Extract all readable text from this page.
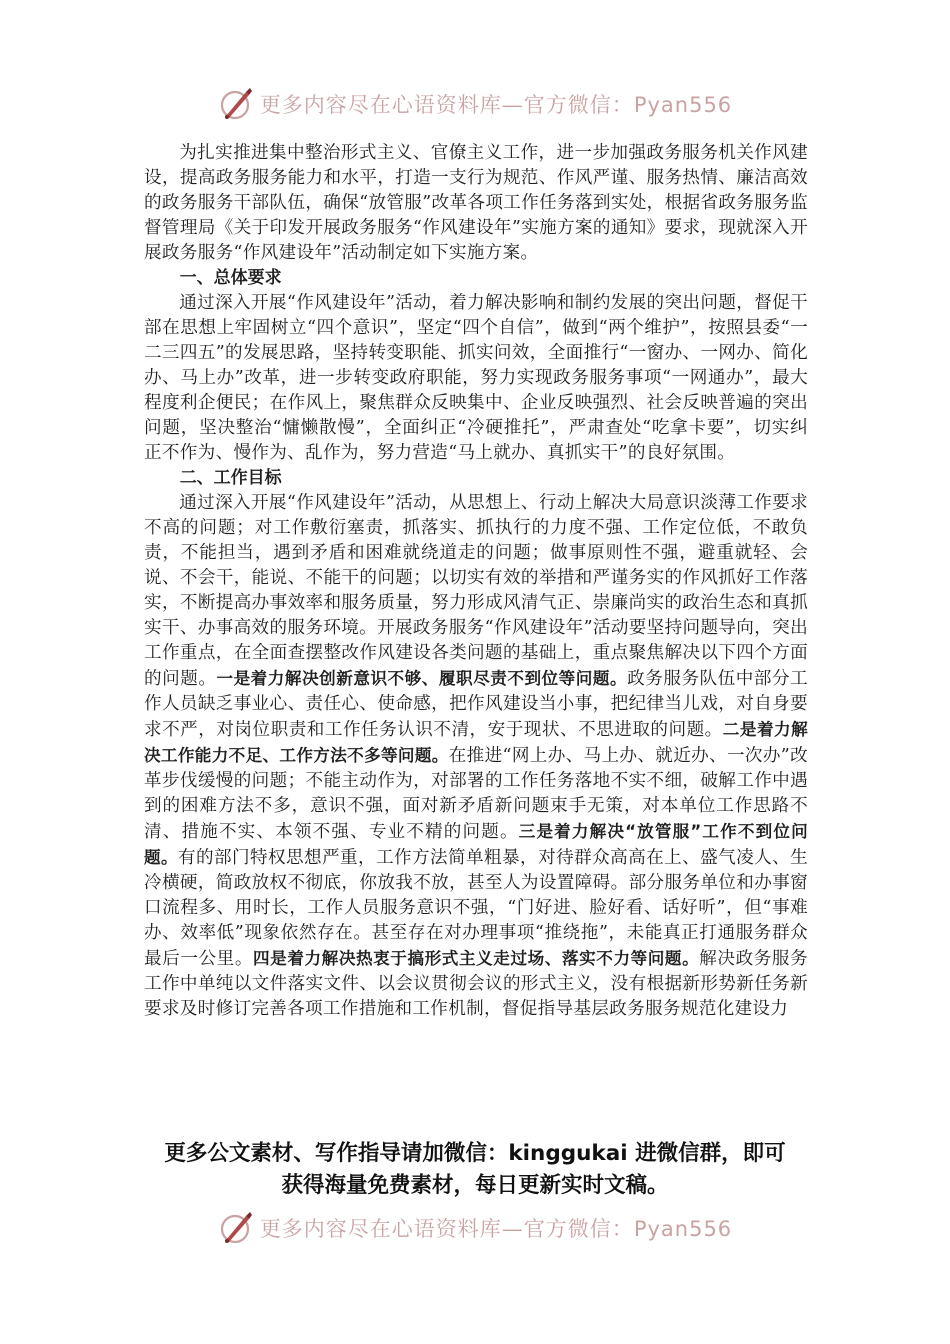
更多内容尽在心语资料库—官方微信：Pyan556

为扎实推进集中整治形式主义、官僚主义工作，进一步加强政务服务机关作风建设，提高政务服务能力和水平，打造一支行为规范、作风严谨、服务热情、廉洁高效的政务服务干部队伍，确保“放管服”改革各项工作任务落到实处，根据省政务服务监督管理局《关于印发开展政务服务“作风建设年”实施方案的通知》要求，现就深入开展政务服务“作风建设年”活动制定如下实施方案。

一、总体要求

通过深入开展“作风建设年”活动，着力解决影响和制约发展的突出问题，督促干部在思想上牢固树立“四个意识”，坚定“四个自信”，做到“两个维护”，按照县委“一二三四五”的发展思路，坚持转变职能、抓实问效，全面推行“一窗办、一网办、简化办、马上办”改革，进一步转变政府职能，努力实现政务服务事项“一网通办”，最大程度利企便民；在作风上，聚焦群众反映集中、企业反映强烈、社会反映普遍的突出问题，坚决整治“慵懒散慢”，全面纠正“冷硬推托”，严肃查处“吃拿卡要”，切实纠正不作为、慢作为、乱作为，努力营造“马上就办、真抓实干”的良好氛围。

二、工作目标

通过深入开展“作风建设年”活动，从思想上、行动上解决大局意识淡薄工作要求不高的问题；对工作敷衍塞责，抓落实、抓执行的力度不强、工作定位低，不敢负责，不能担当，遇到矛盾和困难就绕道走的问题；做事原则性不强，避重就轻、会说、不会干，能说、不能干的问题；以切实有效的举措和严谨务实的作风抓好工作落实，不断提高办事效率和服务质量，努力形成风清气正、崇廉尚实的政治生态和真抓实干、办事高效的服务环境。开展政务服务“作风建设年”活动要坚持问题导向，突出工作重点，在全面查摆整改作风建设各类问题的基础上，重点聚焦解决以下四个方面的问题。一是着力解决创新意识不够、履职尽责不到位等问题。政务服务队伍中部分工作人员缺乏事业心、责任心、使命感，把作风建设当小事，把纪律当儿戏，对自身要求不严，对岗位职责和工作任务认识不清，安于现状、不思进取的问题。二是着力解决工作能力不足、工作方法不多等问题。在推进“网上办、马上办、就近办、一次办”改革步伐缓慢的问题；不能主动作为，对部署的工作任务落地不实不细，破解工作中遇到的困难方法不多，意识不强，面对新矛盾新问题束手无策，对本单位工作思路不清、措施不实、本领不强、专业不精的问题。三是着力解决“放管服”工作不到位问题。有的部门特权思想严重，工作方法简单粗暴，对待群众高高在上、盛气凌人、生冷横硬，简政放权不彻底，你放我不放，甚至人为设置障碍。部分服务单位和办事窗口流程多、用时长，工作人员服务意识不强，“门好进、脸好看、话好听”，但“事难办、效率低”现象依然存在。甚至存在对办理事项“推绕拖”，未能真正打通服务群众最后一公里。四是着力解决热衷于搞形式主义走过场、落实不力等问题。解决政务服务工作中单纯以文件落实文件、以会议贯彻会议的形式主义，没有根据新形势新任务新要求及时修订完善各项工作措施和工作机制，督促指导基层政务服务规范化建设力

更多公文素材、写作指导请加微信：kinggukai 进微信群，即可
获得海量免费素材，每日更新实时文稿。
更多内容尽在心语资料库—官方微信：Pyan556
